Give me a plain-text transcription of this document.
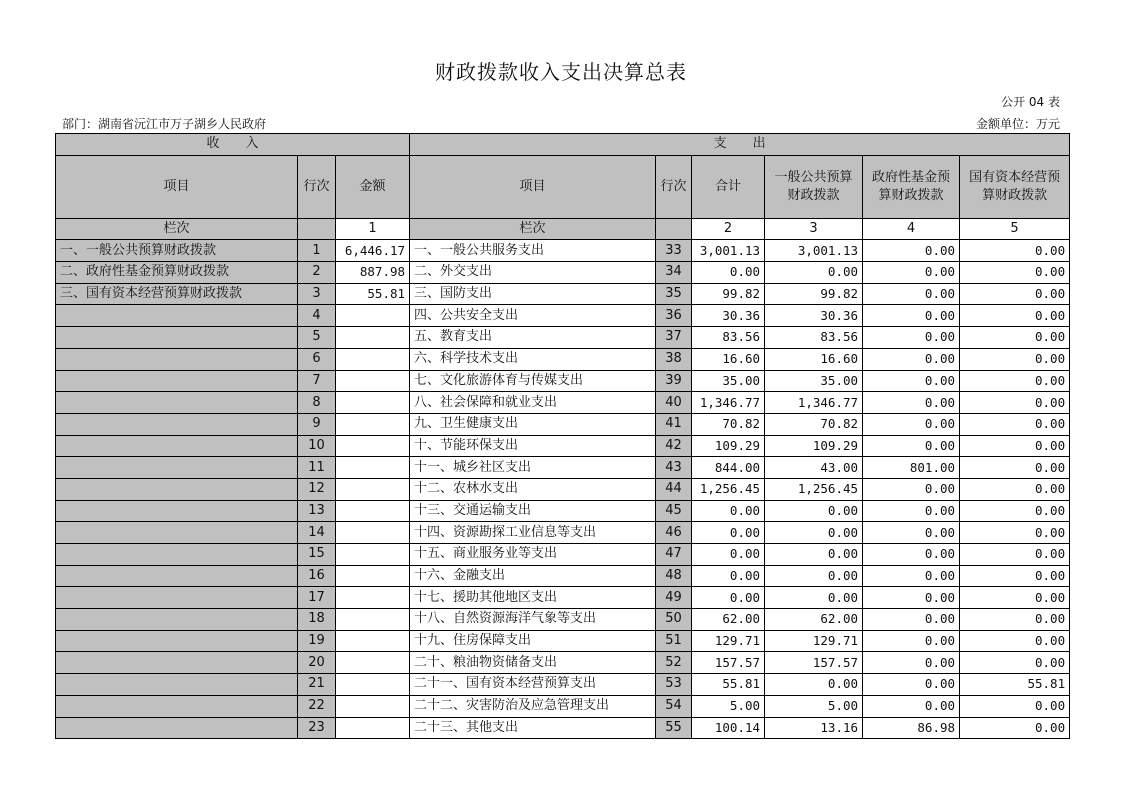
财政拨款收入支出决算总表
公开 04 表
部门：湖南省沅江市万子湖乡人民政府	金额单位：万元
收　　入			支　　出					
项目	行次	金额	项目	行次	合计	一般公共预算财政拨款	政府性基金预算财政拨款	国有资本经营预算财政拨款
栏次		1	栏次		2	3	4	5
一、一般公共预算财政拨款	1	6,446.17	一、一般公共服务支出	33	3,001.13	3,001.13	0.00	0.00
二、政府性基金预算财政拨款	2	887.98	二、外交支出	34	0.00	0.00	0.00	0.00
三、国有资本经营预算财政拨款	3	55.81	三、国防支出	35	99.82	99.82	0.00	0.00
	4		四、公共安全支出	36	30.36	30.36	0.00	0.00
	5		五、教育支出	37	83.56	83.56	0.00	0.00
	6		六、科学技术支出	38	16.60	16.60	0.00	0.00
	7		七、文化旅游体育与传媒支出	39	35.00	35.00	0.00	0.00
	8		八、社会保障和就业支出	40	1,346.77	1,346.77	0.00	0.00
	9		九、卫生健康支出	41	70.82	70.82	0.00	0.00
	10		十、节能环保支出	42	109.29	109.29	0.00	0.00
	11		十一、城乡社区支出	43	844.00	43.00	801.00	0.00
	12		十二、农林水支出	44	1,256.45	1,256.45	0.00	0.00
	13		十三、交通运输支出	45	0.00	0.00	0.00	0.00
	14		十四、资源勘探工业信息等支出	46	0.00	0.00	0.00	0.00
	15		十五、商业服务业等支出	47	0.00	0.00	0.00	0.00
	16		十六、金融支出	48	0.00	0.00	0.00	0.00
	17		十七、援助其他地区支出	49	0.00	0.00	0.00	0.00
	18		十八、自然资源海洋气象等支出	50	62.00	62.00	0.00	0.00
	19		十九、住房保障支出	51	129.71	129.71	0.00	0.00
	20		二十、粮油物资储备支出	52	157.57	157.57	0.00	0.00
	21		二十一、国有资本经营预算支出	53	55.81	0.00	0.00	55.81
	22		二十二、灾害防治及应急管理支出	54	5.00	5.00	0.00	0.00
	23		二十三、其他支出	55	100.14	13.16	86.98	0.00
